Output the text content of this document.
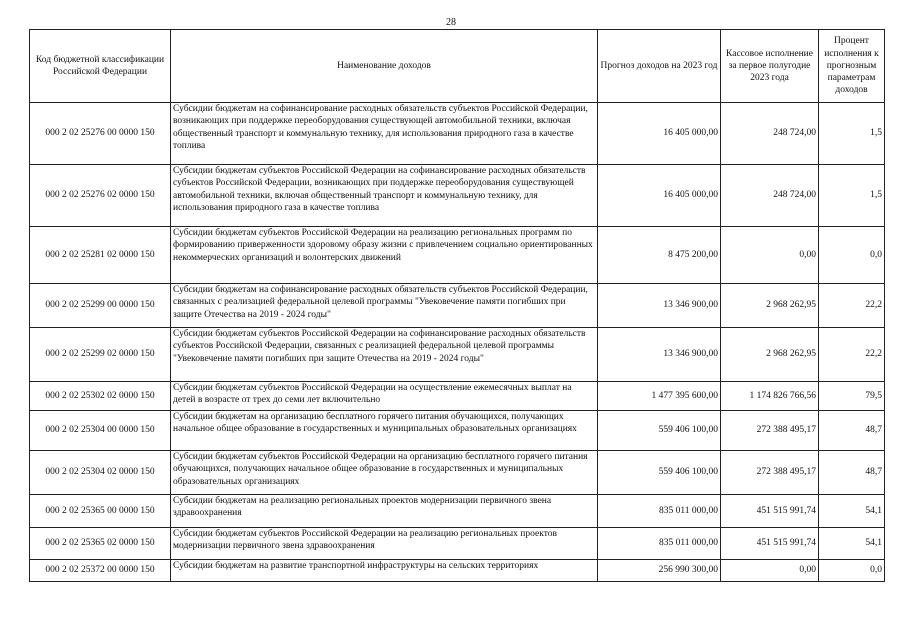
28
Код бюджетной классификации Российской Федерации	Наименование доходов	Прогноз доходов на 2023 год	Кассовое исполнение за первое полугодие 2023 года	Процент исполнения к прогнозным параметрам доходов
000 2 02 25276 00 0000 150	Субсидии бюджетам на софинансирование расходных обязательств субъектов Российской Федерации, возникающих при поддержке переоборудования существующей автомобильной техники, включая общественный транспорт и коммунальную технику, для использования природного газа в качестве топлива	16 405 000,00	248 724,00	1,5
000 2 02 25276 02 0000 150	Субсидии бюджетам субъектов Российской Федерации на софинансирование расходных обязательств субъектов Российской Федерации, возникающих при поддержке переоборудования существующей автомобильной техники, включая общественный транспорт и коммунальную технику, для использования природного газа в качестве топлива	16 405 000,00	248 724,00	1,5
000 2 02 25281 02 0000 150	Субсидии бюджетам субъектов Российской Федерации на реализацию региональных программ по формированию приверженности здоровому образу жизни с привлечением социально ориентированных некоммерческих организаций и волонтерских движений	8 475 200,00	0,00	0,0
000 2 02 25299 00 0000 150	Субсидии бюджетам на софинансирование расходных обязательств субъектов Российской Федерации, связанных с реализацией федеральной целевой программы "Увековечение памяти погибших при защите Отечества на 2019 - 2024 годы"	13 346 900,00	2 968 262,95	22,2
000 2 02 25299 02 0000 150	Субсидии бюджетам субъектов Российской Федерации на софинансирование расходных обязательств субъектов Российской Федерации, связанных с реализацией федеральной целевой программы "Увековечение памяти погибших при защите Отечества на 2019 - 2024 годы"	13 346 900,00	2 968 262,95	22,2
000 2 02 25302 02 0000 150	Субсидии бюджетам субъектов Российской Федерации на осуществление ежемесячных выплат на детей в возрасте от трех до семи лет включительно	1 477 395 600,00	1 174 826 766,56	79,5
000 2 02 25304 00 0000 150	Субсидии бюджетам на организацию бесплатного горячего питания обучающихся, получающих начальное общее образование в государственных и муниципальных образовательных организациях	559 406 100,00	272 388 495,17	48,7
000 2 02 25304 02 0000 150	Субсидии бюджетам субъектов Российской Федерации на организацию бесплатного горячего питания обучающихся, получающих начальное общее образование в государственных и муниципальных образовательных организациях	559 406 100,00	272 388 495,17	48,7
000 2 02 25365 00 0000 150	Субсидии бюджетам на реализацию региональных проектов модернизации первичного звена здравоохранения	835 011 000,00	451 515 991,74	54,1
000 2 02 25365 02 0000 150	Субсидии бюджетам субъектов Российской Федерации на реализацию региональных проектов модернизации первичного звена здравоохранения	835 011 000,00	451 515 991,74	54,1
000 2 02 25372 00 0000 150	Субсидии бюджетам на развитие транспортной инфраструктуры на сельских территориях	256 990 300,00	0,00	0,0
